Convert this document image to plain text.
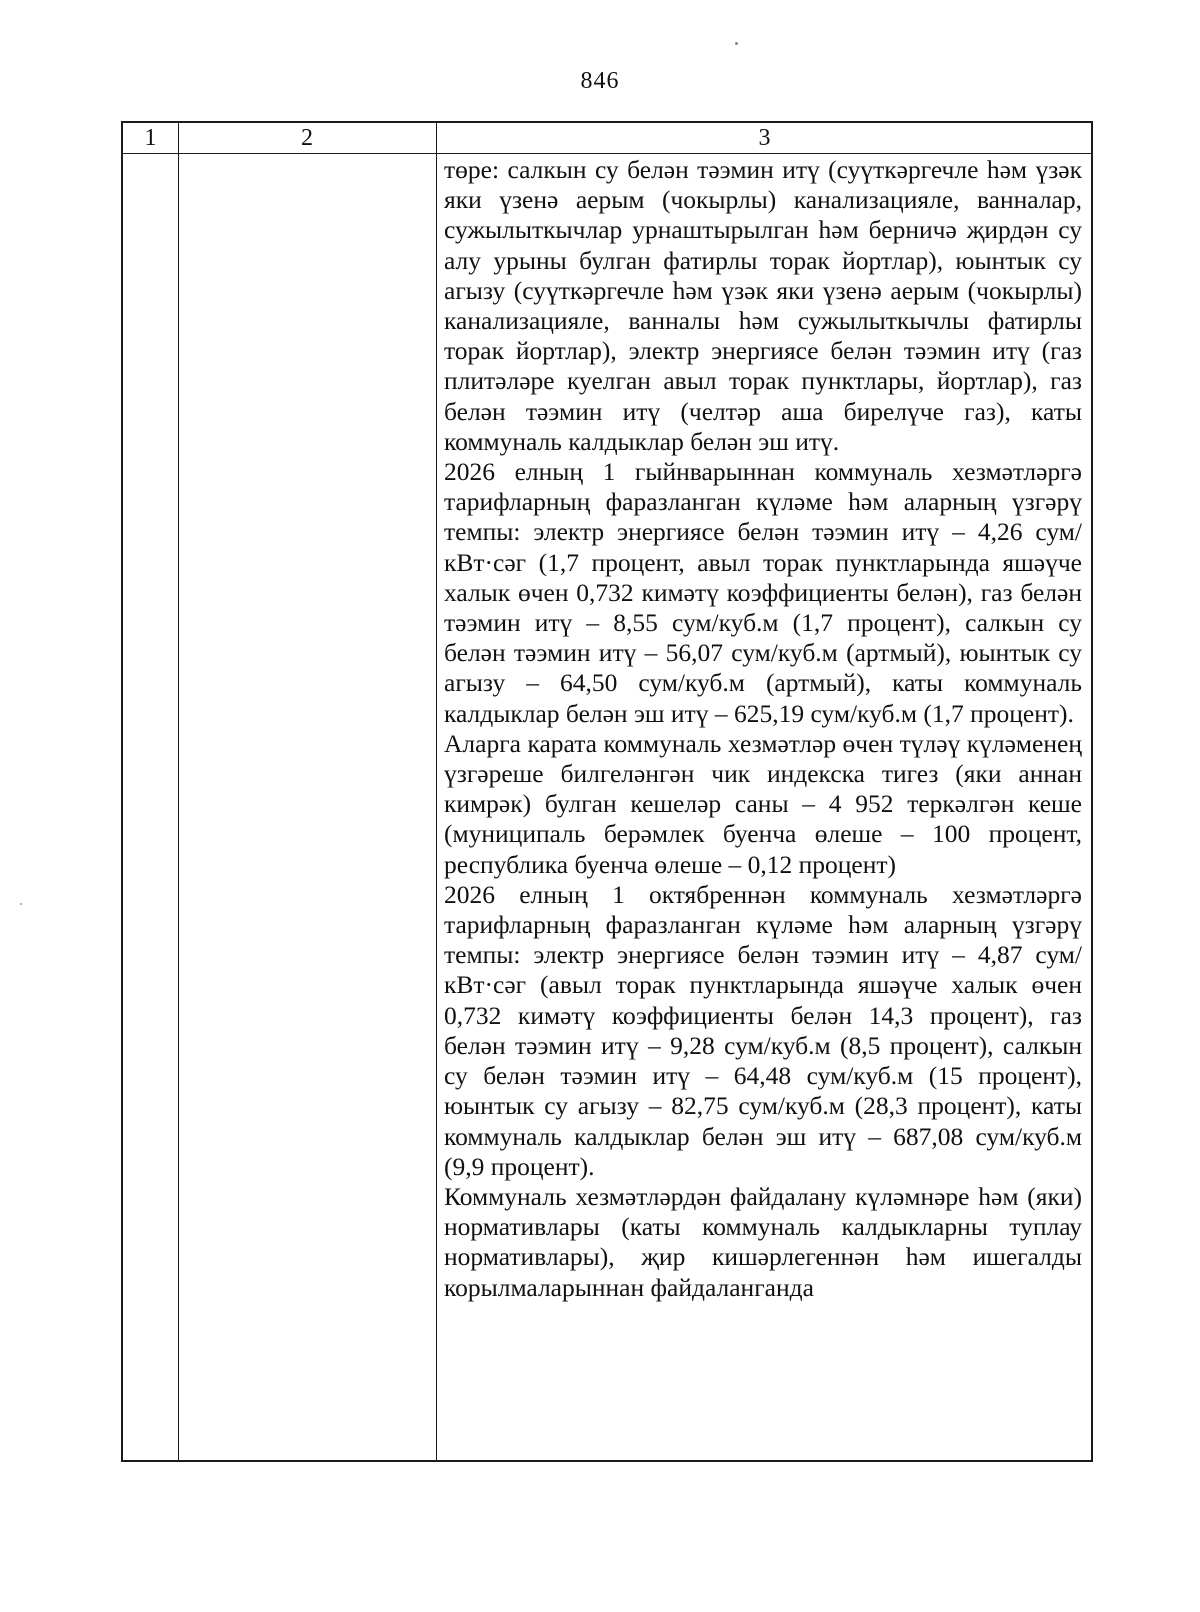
846
1	2	3

төре: салкын су белән тәэмин итү (суүткәргечле һәм үзәк яки үзенә аерым (чокырлы) канализацияле, ванналар, сужылыткычлар урнаштырылган һәм берничә җирдән су алу урыны булган фатирлы торак йортлар), юынтык су агызу (суүткәргечле һәм үзәк яки үзенә аерым (чокырлы) канализацияле, ванналы һәм сужылыткычлы фатирлы торак йортлар), электр энергиясе белән тәэмин итү (газ плитәләре куелган авыл торак пунктлары, йортлар), газ белән тәэмин итү (челтәр аша бирелүче газ), каты коммуналь калдыклар белән эш итү.

2026 елның 1 гыйнварыннан коммуналь хезмәтләргә тарифларның фаразланган күләме һәм аларның үзгәрү темпы: электр энергиясе белән тәэмин итү – 4,26 сум/кВт·сәг (1,7 процент, авыл торак пунктларында яшәүче халык өчен 0,732 кимәтү коэффициенты белән), газ белән тәэмин итү – 8,55 сум/куб.м (1,7 процент), салкын су белән тәэмин итү – 56,07 сум/куб.м (артмый), юынтык су агызу – 64,50 сум/куб.м (артмый), каты коммуналь калдыклар белән эш итү – 625,19 сум/куб.м (1,7 процент).

Аларга карата коммуналь хезмәтләр өчен түләү күләменең үзгәреше билгеләнгән чик индекска тигез (яки аннан кимрәк) булган кешеләр саны – 4 952 теркәлгән кеше (муниципаль берәмлек буенча өлеше – 100 процент, республика буенча өлеше – 0,12 процент)

2026 елның 1 октябреннән коммуналь хезмәтләргә тарифларның фаразланган күләме һәм аларның үзгәрү темпы: электр энергиясе белән тәэмин итү – 4,87 сум/кВт·сәг (авыл торак пунктларында яшәүче халык өчен 0,732 кимәтү коэффициенты белән 14,3 процент), газ белән тәэмин итү – 9,28 сум/куб.м (8,5 процент), салкын су белән тәэмин итү – 64,48 сум/куб.м (15 процент), юынтык су агызу – 82,75 сум/куб.м (28,3 процент), каты коммуналь калдыклар белән эш итү – 687,08 сум/куб.м (9,9 процент).

Коммуналь хезмәтләрдән файдалану күләмнәре һәм (яки) нормативлары (каты коммуналь калдыкларны туплау нормативлары), җир кишәрлегеннән һәм ишегалды корылмаларыннан файдаланганда
